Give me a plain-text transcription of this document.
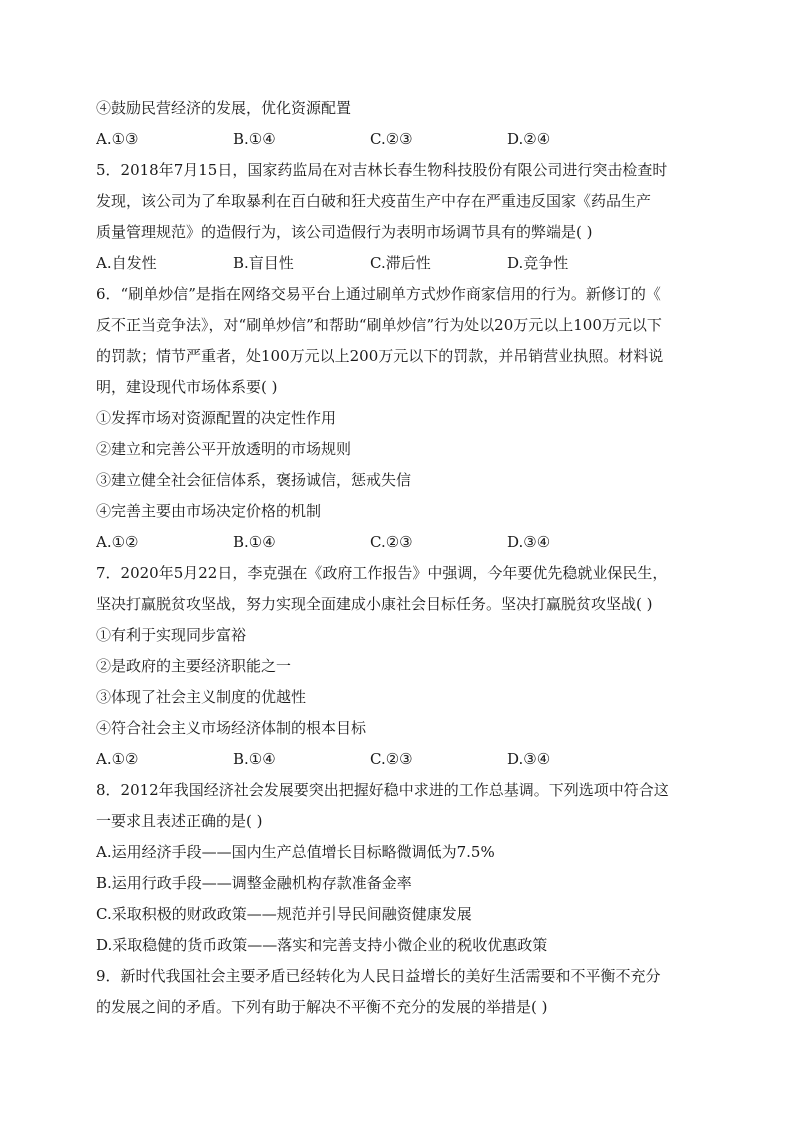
④鼓励民营经济的发展，优化资源配置
A.①③	B.①④	C.②③	D.②④
5．2018年7月15日，国家药监局在对吉林长春生物科技股份有限公司进行突击检查时
发现，该公司为了牟取暴利在百白破和狂犬疫苗生产中存在严重违反国家《药品生产
质量管理规范》的造假行为，该公司造假行为表明市场调节具有的弊端是( )
A.自发性	B.盲目性	C.滞后性	D.竞争性
6．“刷单炒信”是指在网络交易平台上通过刷单方式炒作商家信用的行为。新修订的《
反不正当竞争法》，对“刷单炒信”和帮助“刷单炒信”行为处以20万元以上100万元以下
的罚款；情节严重者，处100万元以上200万元以下的罚款，并吊销营业执照。材料说
明，建设现代市场体系要( )
①发挥市场对资源配置的决定性作用
②建立和完善公平开放透明的市场规则
③建立健全社会征信体系，褒扬诚信，惩戒失信
④完善主要由市场决定价格的机制
A.①②	B.①④	C.②③	D.③④
7．2020年5月22日，李克强在《政府工作报告》中强调，今年要优先稳就业保民生，
坚决打赢脱贫攻坚战，努力实现全面建成小康社会目标任务。坚决打赢脱贫攻坚战( )
①有利于实现同步富裕
②是政府的主要经济职能之一
③体现了社会主义制度的优越性
④符合社会主义市场经济体制的根本目标
A.①②	B.①④	C.②③	D.③④
8．2012年我国经济社会发展要突出把握好稳中求进的工作总基调。下列选项中符合这
一要求且表述正确的是( )
A.运用经济手段——国内生产总值增长目标略微调低为7.5%
B.运用行政手段——调整金融机构存款准备金率
C.采取积极的财政政策——规范并引导民间融资健康发展
D.采取稳健的货币政策——落实和完善支持小微企业的税收优惠政策
9．新时代我国社会主要矛盾已经转化为人民日益增长的美好生活需要和不平衡不充分
的发展之间的矛盾。下列有助于解决不平衡不充分的发展的举措是( )
